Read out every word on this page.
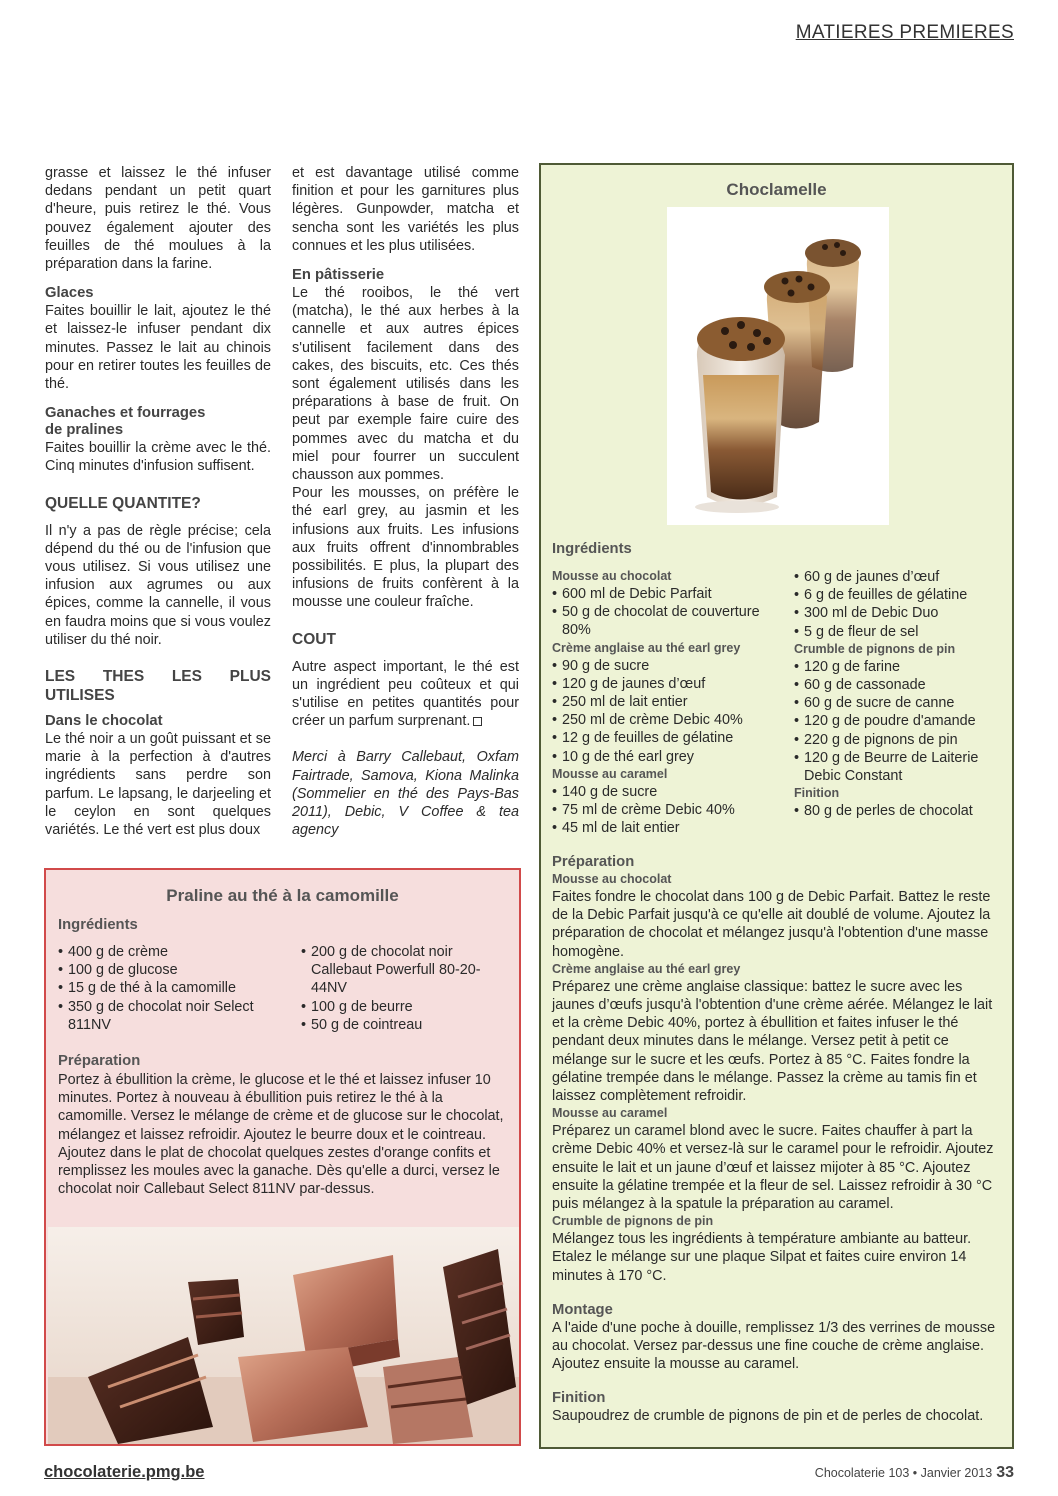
MATIERES PREMIERES

grasse et laissez le thé infuser dedans pendant un petit quart d'heure, puis retirez le thé. Vous pouvez également ajouter des feuilles de thé moulues à la préparation dans la farine.

Glaces

Faites bouillir le lait, ajoutez le thé et laissez-le infuser pendant dix minutes. Passez le lait au chinois pour en retirer toutes les feuilles de thé.

Ganaches et fourrages
de pralines

Faites bouillir la crème avec le thé. Cinq minutes d'infusion suffisent.

QUELLE QUANTITE?

Il n'y a pas de règle précise; cela dépend du thé ou de l'infusion que vous utilisez. Si vous utilisez une infusion aux agrumes ou aux épices, comme la cannelle, il vous en faudra moins que si vous voulez utiliser du thé noir.

LES THES LES PLUS UTILISES
Dans le chocolat

Le thé noir a un goût puissant et se marie à la perfection à d'autres ingrédients sans perdre son parfum. Le lapsang, le darjeeling et le ceylon en sont quelques variétés. Le thé vert est plus doux

et est davantage utilisé comme finition et pour les garnitures plus légères. Gunpowder, matcha et sencha sont les variétés les plus connues et les plus utilisées.

En pâtisserie

Le thé rooibos, le thé vert (matcha), le thé aux herbes à la cannelle et aux autres épices s'utilisent facilement dans des cakes, des biscuits, etc. Ces thés sont également utilisés dans les préparations à base de fruit. On peut par exemple faire cuire des pommes avec du matcha et du miel pour fourrer un succulent chausson aux pommes.

Pour les mousses, on préfère le thé earl grey, au jasmin et les infusions aux fruits. Les infusions aux fruits offrent d'innombrables possibilités. E plus, la plupart des infusions de fruits confèrent à la mousse une couleur fraîche.

COUT

Autre aspect important, le thé est un ingrédient peu coûteux et qui s'utilise en petites quantités pour créer un parfum surprenant.

Merci à Barry Callebaut, Oxfam Fairtrade, Samova, Kiona Malinka (Sommelier en thé des Pays-Bas 2011), Debic, V Coffee & tea agency

Choclamelle
Ingrédients
Mousse au chocolat
• 600 ml de Debic Parfait
• 50 g de chocolat de couverture 80%
Crème anglaise au thé earl grey
• 90 g de sucre
• 120 g de jaunes d’œuf
• 250 ml de lait entier
• 250 ml de crème Debic 40%
• 12 g de feuilles de gélatine
• 10 g de thé earl grey
Mousse au caramel
• 140 g de sucre
• 75 ml de crème Debic 40%
• 45 ml de lait entier
• 60 g de jaunes d’œuf
• 6 g de feuilles de gélatine
• 300 ml de Debic Duo
• 5 g de fleur de sel
Crumble de pignons de pin
• 120 g de farine
• 60 g de cassonade
• 60 g de sucre de canne
• 120 g de poudre d'amande
• 220 g de pignons de pin
• 120 g de Beurre de Laiterie Debic Constant
Finition
• 80 g de perles de chocolat
Préparation
Mousse au chocolat

Faites fondre le chocolat dans 100 g de Debic Parfait. Battez le reste de la Debic Parfait jusqu'à ce qu'elle ait doublé de volume. Ajoutez la préparation de chocolat et mélangez jusqu'à l'obtention d'une masse homogène.

Crème anglaise au thé earl grey

Préparez une crème anglaise classique: battez le sucre avec les jaunes d’œufs jusqu'à l'obtention d'une crème aérée. Mélangez le lait et la crème Debic 40%, portez à ébullition et faites infuser le thé pendant deux minutes dans le mélange. Versez petit à petit ce mélange sur le sucre et les œufs. Portez à 85 °C. Faites fondre la gélatine trempée dans le mélange. Passez la crème au tamis fin et laissez complètement refroidir.

Mousse au caramel

Préparez un caramel blond avec le sucre. Faites chauffer à part la crème Debic 40% et versez-là sur le caramel pour le refroidir. Ajoutez ensuite le lait et un jaune d’œuf et laissez mijoter à 85 °C. Ajoutez ensuite la gélatine trempée et la fleur de sel. Laissez refroidir à 30 °C puis mélangez à la spatule la préparation au caramel.

Crumble de pignons de pin

Mélangez tous les ingrédients à température ambiante au batteur. Etalez le mélange sur une plaque Silpat et faites cuire environ 14 minutes à 170 °C.

Montage

A l'aide d'une poche à douille, remplissez 1/3 des verrines de mousse au chocolat. Versez par-dessus une fine couche de crème anglaise. Ajoutez ensuite la mousse au caramel.

Finition

Saupoudrez de crumble de pignons de pin et de perles de chocolat.

Praline au thé à la camomille
Ingrédients
• 400 g de crème
• 100 g de glucose
• 15 g de thé à la camomille
• 350 g de chocolat noir Select 811NV
• 200 g de chocolat noir Callebaut Powerfull 80-20-44NV
• 100 g de beurre
• 50 g de cointreau
Préparation

Portez à ébullition la crème, le glucose et le thé et laissez infuser 10 minutes. Portez à nouveau à ébullition puis retirez le thé à la camomille. Versez le mélange de crème et de glucose sur le chocolat, mélangez et laissez refroidir. Ajoutez le beurre doux et le cointreau. Ajoutez dans le plat de chocolat quelques zestes d'orange confits et remplissez les moules avec la ganache. Dès qu'elle a durci, versez le chocolat noir Callebaut Select 811NV par-dessus.

chocolaterie.pmg.be	Chocolaterie 103 • Janvier 2013 33
